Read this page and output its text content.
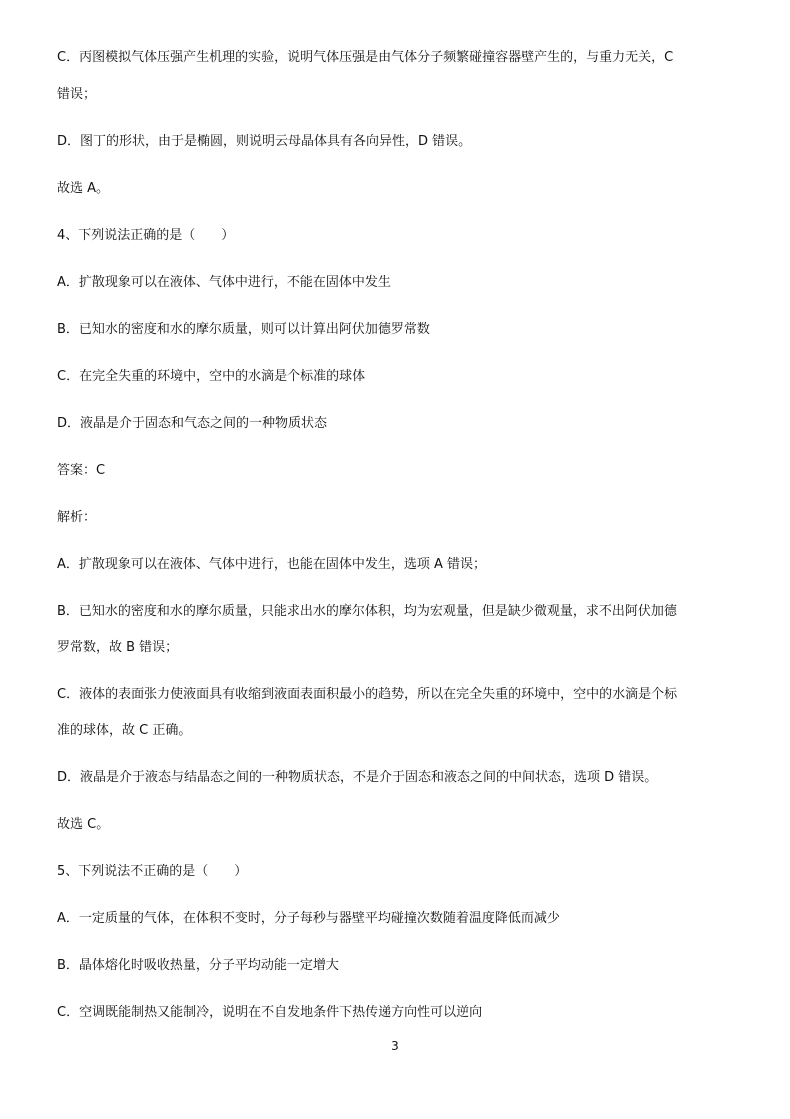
C．丙图模拟气体压强产生机理的实验，说明气体压强是由气体分子频繁碰撞容器壁产生的，与重力无关，C
错误；
D．图丁的形状，由于是椭圆，则说明云母晶体具有各向异性，D 错误。
故选 A。
4、下列说法正确的是（　　）
A．扩散现象可以在液体、气体中进行，不能在固体中发生
B．已知水的密度和水的摩尔质量，则可以计算出阿伏加德罗常数
C．在完全失重的环境中，空中的水滴是个标准的球体
D．液晶是介于固态和气态之间的一种物质状态
答案：C
解析：
A．扩散现象可以在液体、气体中进行，也能在固体中发生，选项 A 错误；
B．已知水的密度和水的摩尔质量，只能求出水的摩尔体积，均为宏观量，但是缺少微观量，求不出阿伏加德
罗常数，故 B 错误；
C．液体的表面张力使液面具有收缩到液面表面积最小的趋势，所以在完全失重的环境中，空中的水滴是个标
准的球体，故 C 正确。
D．液晶是介于液态与结晶态之间的一种物质状态，不是介于固态和液态之间的中间状态，选项 D 错误。
故选 C。
5、下列说法不正确的是（　　）
A．一定质量的气体，在体积不变时，分子每秒与器壁平均碰撞次数随着温度降低而减少
B．晶体熔化时吸收热量，分子平均动能一定增大
C．空调既能制热又能制冷，说明在不自发地条件下热传递方向性可以逆向
3
